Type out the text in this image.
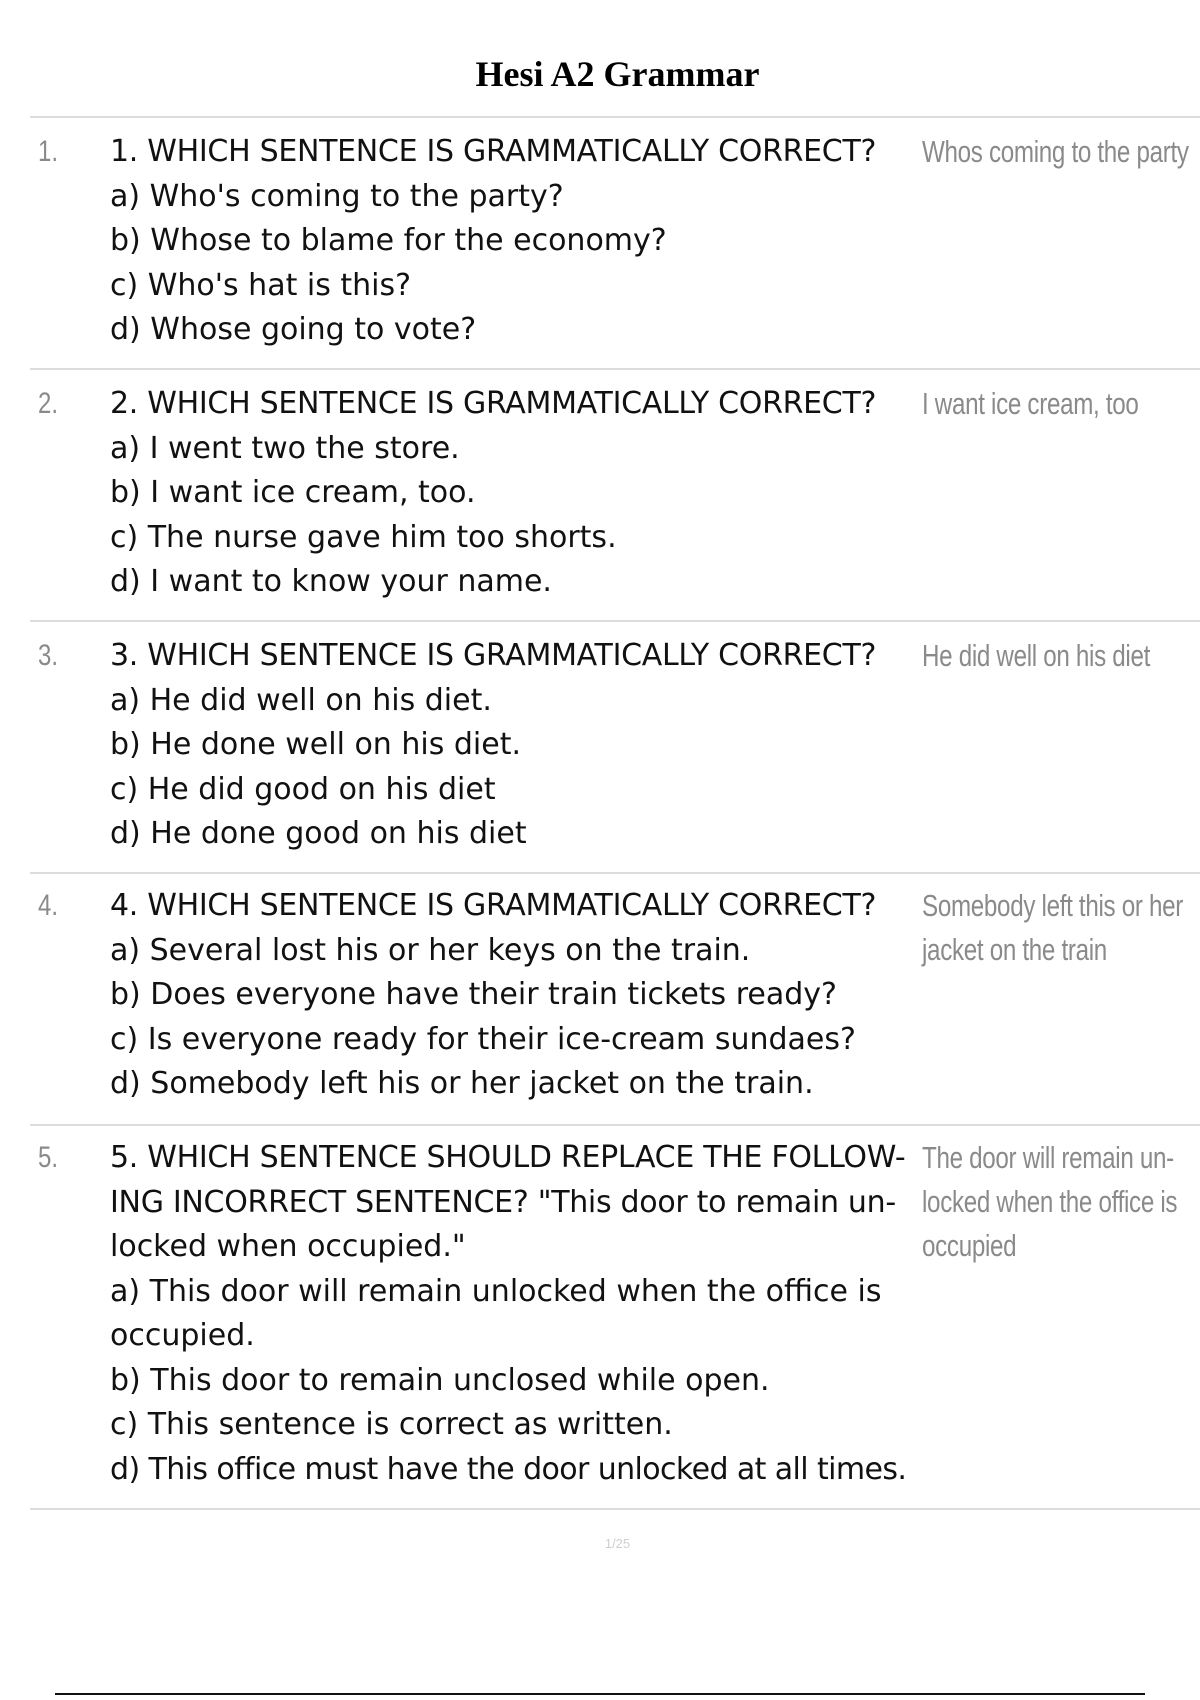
Hesi A2 Grammar
1. 1. WHICH SENTENCE IS GRAMMATICALLY CORRECT?
a) Who's coming to the party?
b) Whose to blame for the economy?
c) Who's hat is this?
d) Whose going to vote?
Whos coming to the party
2. 2. WHICH SENTENCE IS GRAMMATICALLY CORRECT?
a) I went two the store.
b) I want ice cream, too.
c) The nurse gave him too shorts.
d) I want to know your name.
I want ice cream, too
3. 3. WHICH SENTENCE IS GRAMMATICALLY CORRECT?
a) He did well on his diet.
b) He done well on his diet.
c) He did good on his diet
d) He done good on his diet
He did well on his diet
4. 4. WHICH SENTENCE IS GRAMMATICALLY CORRECT?
a) Several lost his or her keys on the train.
b) Does everyone have their train tickets ready?
c) Is everyone ready for their ice-cream sundaes?
d) Somebody left his or her jacket on the train.
Somebody left this or her
jacket on the train
5. 5. WHICH SENTENCE SHOULD REPLACE THE FOLLOW-
ING INCORRECT SENTENCE? "This door to remain un-
locked when occupied."
a) This door will remain unlocked when the office is
occupied.
b) This door to remain unclosed while open.
c) This sentence is correct as written.
d) This office must have the door unlocked at all times.
The door will remain un-
locked when the office is
occupied
1/25
